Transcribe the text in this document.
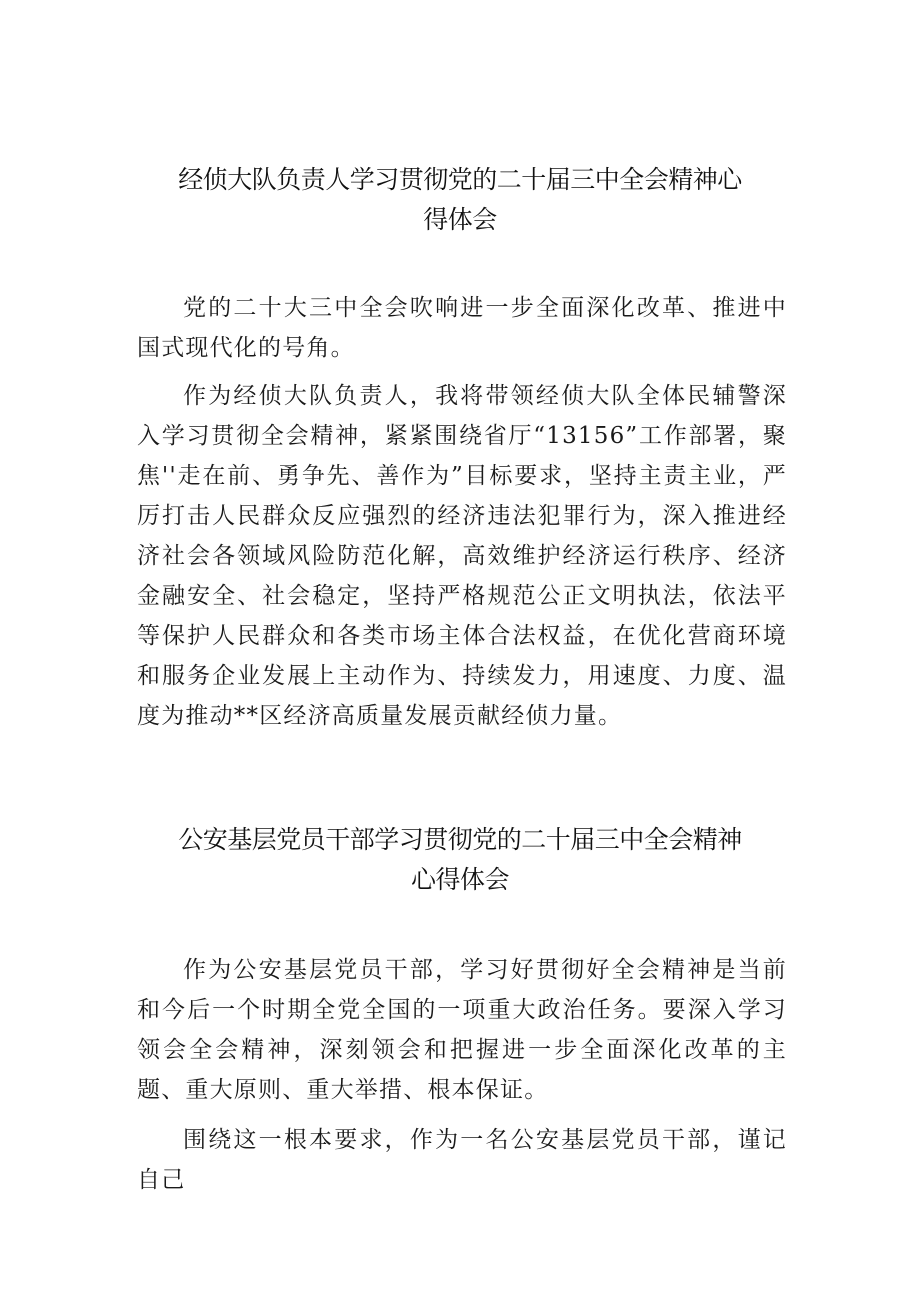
经侦大队负责人学习贯彻党的二十届三中全会精神心
得体会

党的二十大三中全会吹响进一步全面深化改革、推进中国式现代化的号角。

作为经侦大队负责人，我将带领经侦大队全体民辅警深入学习贯彻全会精神，紧紧围绕省厅“13156”工作部署，聚焦''走在前、勇争先、善作为”目标要求，坚持主责主业，严厉打击人民群众反应强烈的经济违法犯罪行为，深入推进经济社会各领域风险防范化解，高效维护经济运行秩序、经济金融安全、社会稳定，坚持严格规范公正文明执法，依法平等保护人民群众和各类市场主体合法权益，在优化营商环境和服务企业发展上主动作为、持续发力，用速度、力度、温度为推动**区经济高质量发展贡献经侦力量。

公安基层党员干部学习贯彻党的二十届三中全会精神
心得体会

作为公安基层党员干部，学习好贯彻好全会精神是当前和今后一个时期全党全国的一项重大政治任务。要深入学习领会全会精神，深刻领会和把握进一步全面深化改革的主题、重大原则、重大举措、根本保证。

围绕这一根本要求，作为一名公安基层党员干部，谨记自己
